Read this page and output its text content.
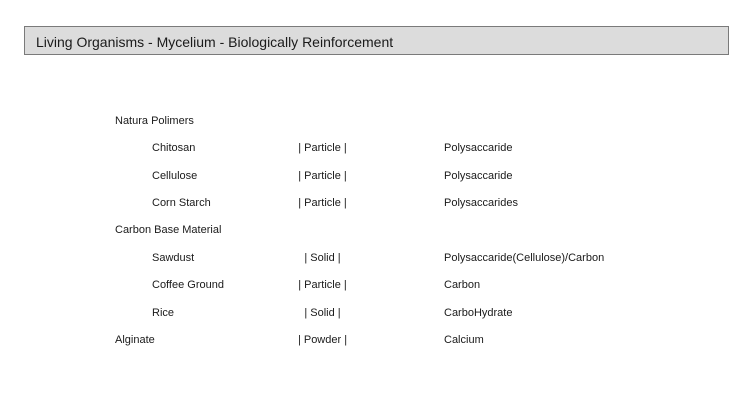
Living Organisms - Mycelium - Biologically Reinforcement
Natura Polimers
Chitosan	| Particle |	Polysaccaride
Cellulose	| Particle |	Polysaccaride
Corn Starch	| Particle |	Polysaccarides
Carbon Base Material
Sawdust	| Solid |	Polysaccaride(Cellulose)/Carbon
Coffee Ground	| Particle |	Carbon
Rice	| Solid |	CarboHydrate
Alginate	| Powder |	Calcium
